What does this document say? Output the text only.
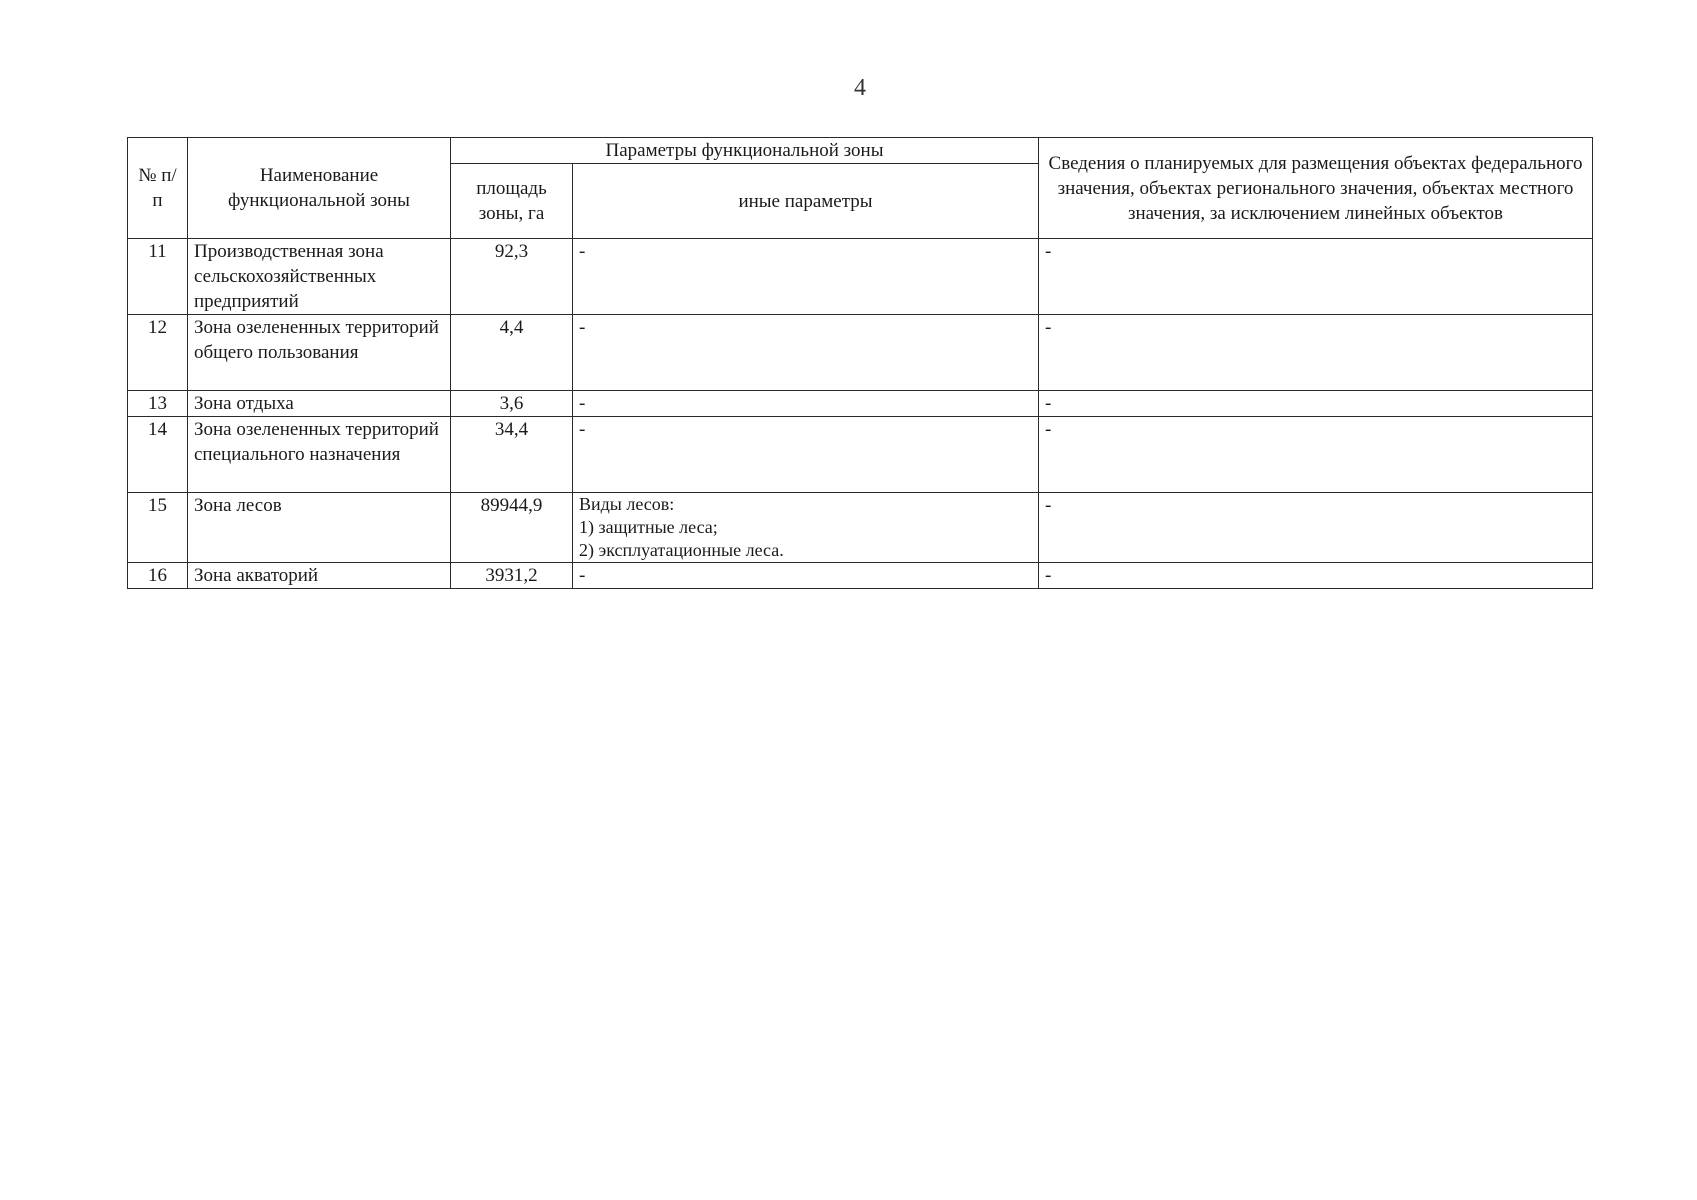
4
№ п/п	Наименование функциональной зоны	Параметры функциональной зоны		Сведения о планируемых для размещения объектах федерального значения, объектах регионального значения, объектах местного значения, за исключением линейных объектов
		площадь зоны, га	иные параметры	
11	Производственная зона сельскохозяйственных предприятий	92,3	-	-
12	Зона озелененных территорий общего пользования	4,4	-	-
13	Зона отдыха	3,6	-	-
14	Зона озелененных территорий специального назначения	34,4	-	-
15	Зона лесов	89944,9	Виды лесов:
1) защитные леса;
2) эксплуатационные леса.	-
16	Зона акваторий	3931,2	-	-
